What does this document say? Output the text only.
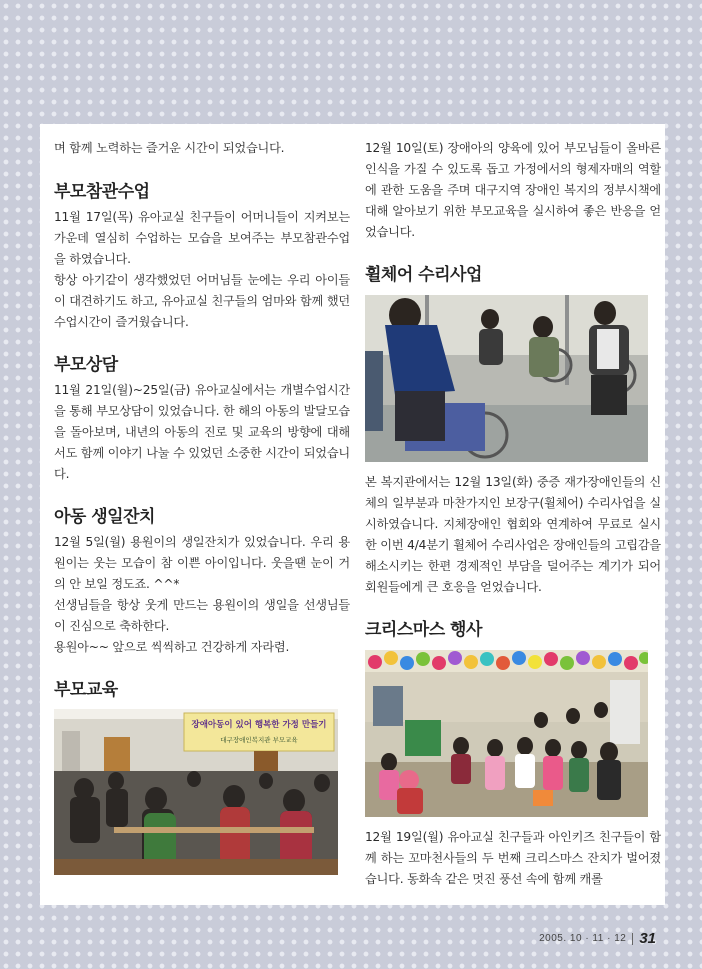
며 함께 노력하는 즐거운 시간이 되었습니다.

부모참관수업

11월 17일(목) 유아교실 친구들이 어머니들이 지켜보는 가운데 열심히 수업하는 모습을 보여주는 부모참관수업을 하였습니다.

항상 아기같이 생각했었던 어머님들 눈에는 우리 아이들이 대견하기도 하고, 유아교실 친구들의 엄마와 함께 했던 수업시간이 즐거웠습니다.

부모상담

11월 21일(월)~25일(금) 유아교실에서는 개별수업시간을 통해 부모상담이 있었습니다. 한 해의 아동의 발달모습을 돌아보며, 내년의 아동의 진로 및 교육의 방향에 대해서도 함께 이야기 나눌 수 있었던 소중한 시간이 되었습니다.

아동 생일잔치

12월 5일(월) 용원이의 생일잔치가 있었습니다. 우리 용원이는 웃는 모습이 참 이쁜 아이입니다. 웃을땐 눈이 거의 안 보일 정도죠. ^^*

선생님들을 항상 웃게 만드는 용원이의 생일을 선생님들이 진심으로 축하한다.

용원아~~ 앞으로 씩씩하고 건강하게 자라렴.

부모교육
장애아동이 있어 행복한 가정 만들기
대구장애인복지관 부모교육

12월 10일(토) 장애아의 양육에 있어 부모님들이 올바른 인식을 가질 수 있도록 돕고 가정에서의 형제자매의 역할에 관한 도움을 주며 대구지역 장애인 복지의 정부시책에 대해 알아보기 위한 부모교육을 실시하여 좋은 반응을 얻었습니다.

휠체어 수리사업

본 복지관에서는 12월 13일(화) 중증 재가장애인들의 신체의 일부분과 마찬가지인 보장구(휠체어) 수리사업을 실시하였습니다. 지체장애인 협회와 연계하여 무료로 실시한 이번 4/4분기 휠체어 수리사업은 장애인들의 고립감을 해소시키는 한편 경제적인 부담을 덜어주는 계기가 되어 회원들에게 큰 호응을 얻었습니다.

크리스마스 행사

12월 19일(월) 유아교실 친구들과 아인키즈 친구들이 함께 하는 꼬마천사들의 두 번째 크리스마스 잔치가 벌어졌습니다. 동화속 같은 멋진 풍선 속에 함께 캐롤

2005. 10 · 11 · 12 31
